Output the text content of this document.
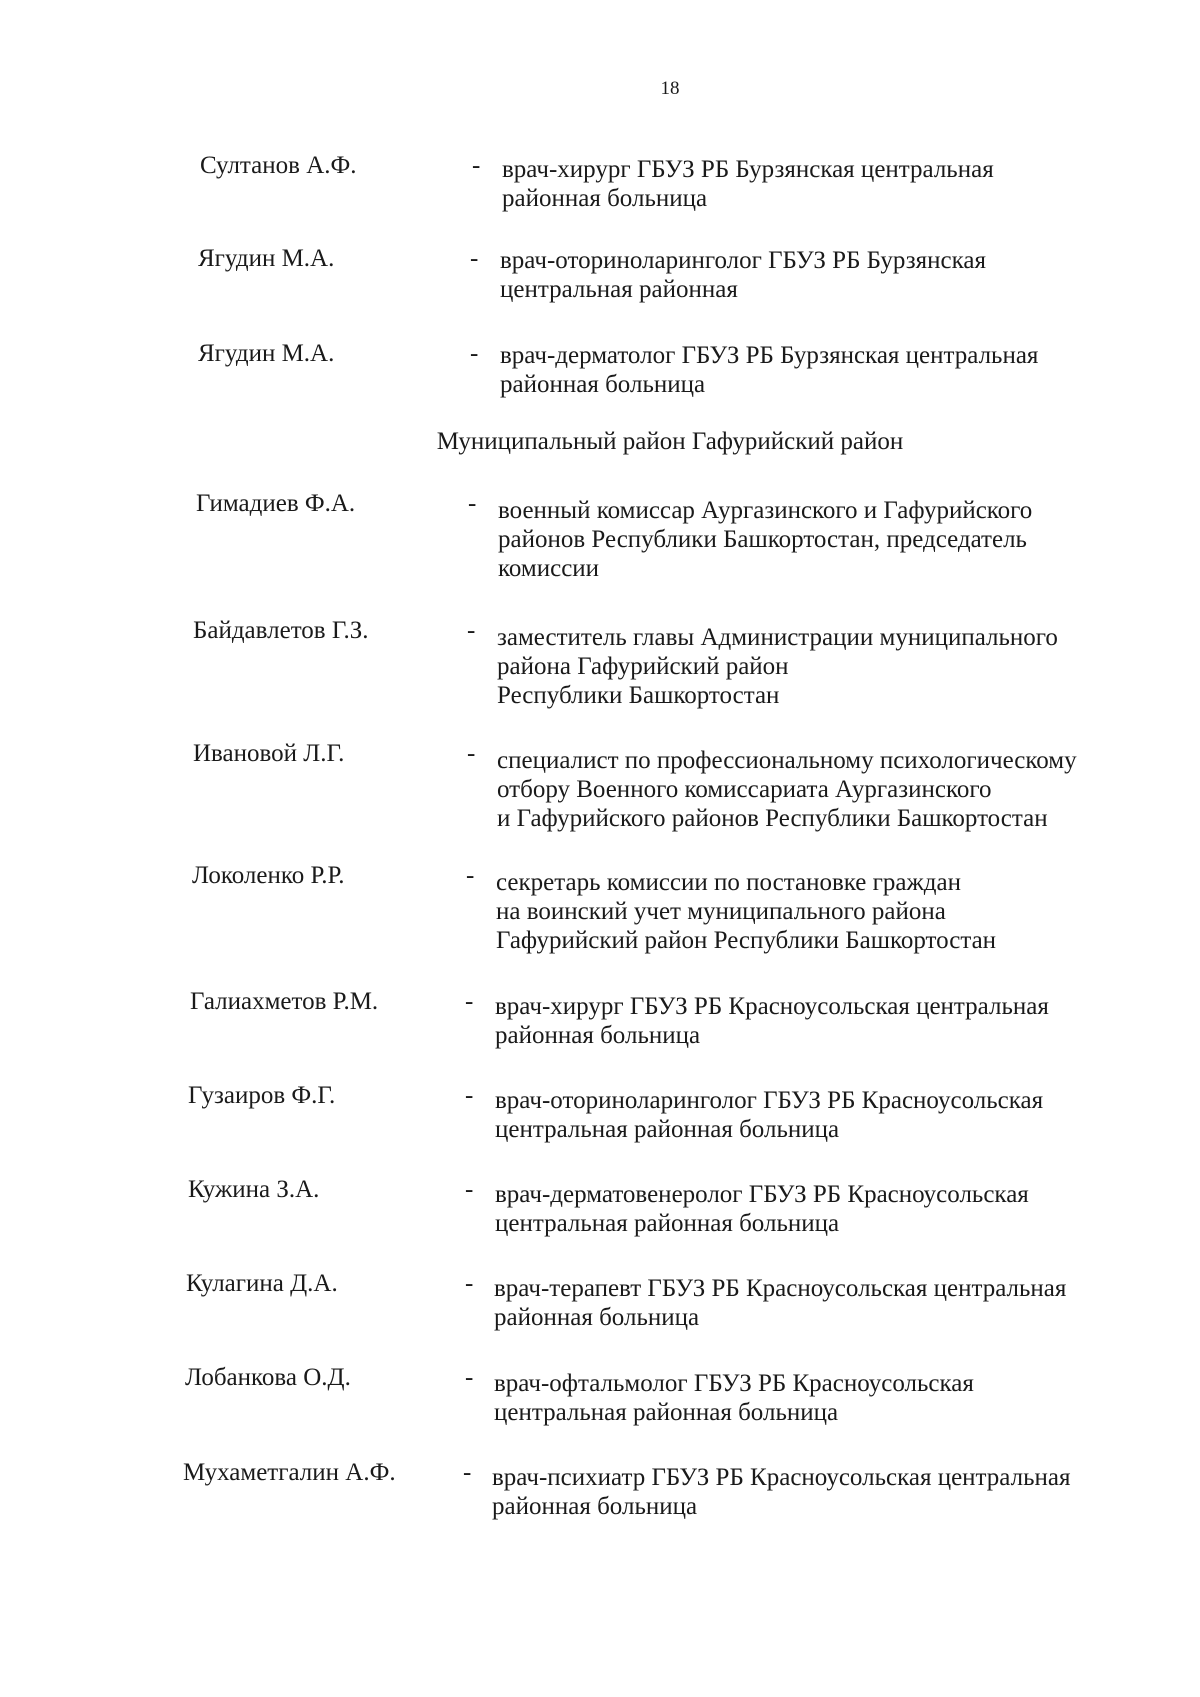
18
Султанов А.Ф.	- врач-хирург ГБУЗ РБ Бурзянская центральная
районная больница
Ягудин М.А.	- врач-оториноларинголог ГБУЗ РБ Бурзянская
центральная районная
Ягудин М.А.	- врач-дерматолог ГБУЗ РБ Бурзянская центральная
районная больница
Муниципальный район Гафурийский район
Гимадиев Ф.А.	- военный комиссар Аургазинского и Гафурийского
районов Республики Башкортостан, председатель
комиссии
Байдавлетов Г.З.	- заместитель главы Администрации муниципального
района Гафурийский район
Республики Башкортостан
Ивановой Л.Г.	- специалист по профессиональному психологическому
отбору Военного комиссариата Аургазинского
и Гафурийского районов Республики Башкортостан
Локоленко Р.Р.	- секретарь комиссии по постановке граждан
на воинский учет муниципального района
Гафурийский район Республики Башкортостан
Галиахметов Р.М.	- врач-хирург ГБУЗ РБ Красноусольская центральная
районная больница
Гузаиров Ф.Г.	- врач-оториноларинголог ГБУЗ РБ Красноусольская
центральная районная больница
Кужина З.А.	- врач-дерматовенеролог ГБУЗ РБ Красноусольская
центральная районная больница
Кулагина Д.А.	- врач-терапевт ГБУЗ РБ Красноусольская центральная
районная больница
Лобанкова О.Д.	- врач-офтальмолог ГБУЗ РБ Красноусольская
центральная районная больница
Мухаметгалин А.Ф.	- врач-психиатр ГБУЗ РБ Красноусольская центральная
районная больница
